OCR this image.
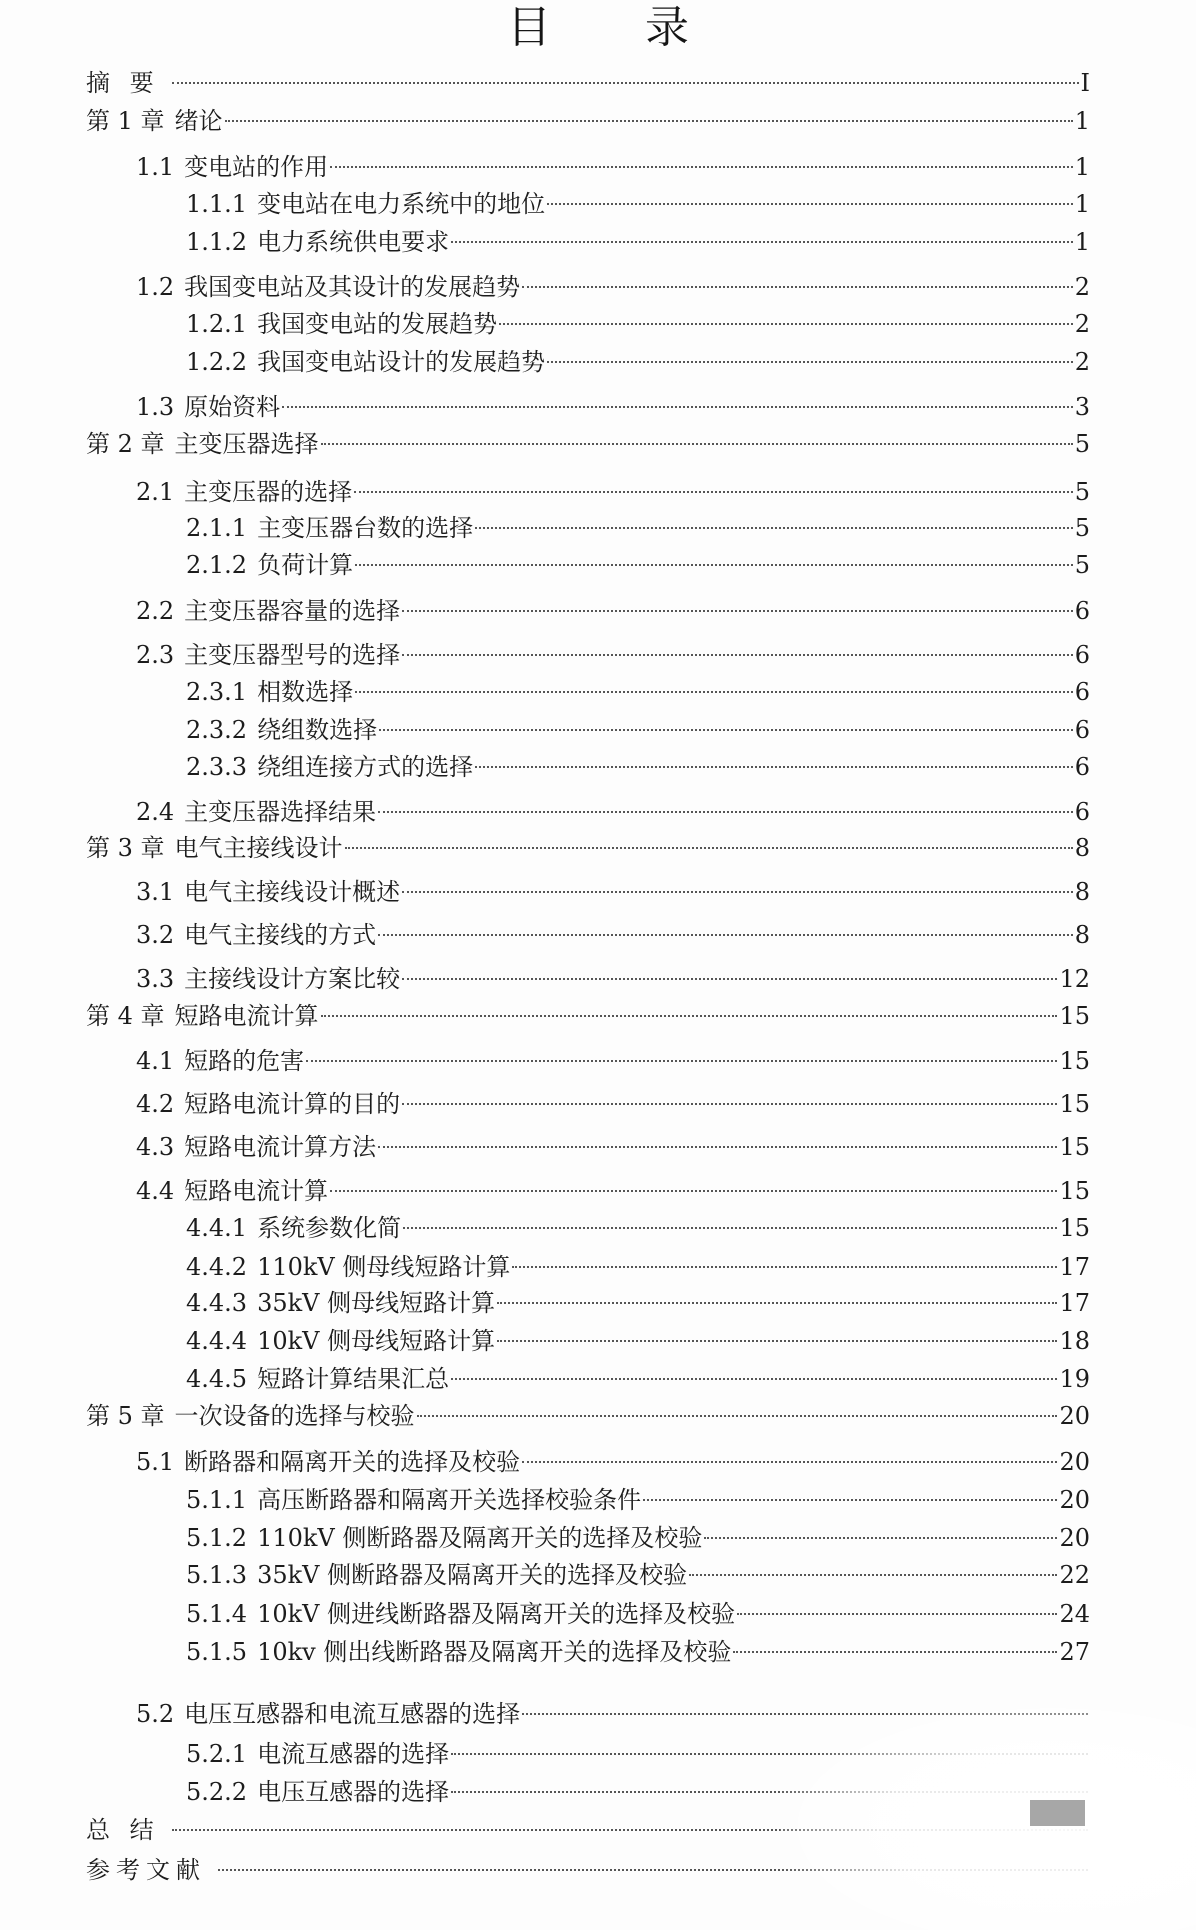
目 录
摘 要	I
第 1 章 绪论	1
1.1 变电站的作用	1
1.1.1 变电站在电力系统中的地位	1
1.1.2 电力系统供电要求	1
1.2 我国变电站及其设计的发展趋势	2
1.2.1 我国变电站的发展趋势	2
1.2.2 我国变电站设计的发展趋势	2
1.3 原始资料	3
第 2 章 主变压器选择	5
2.1 主变压器的选择	5
2.1.1 主变压器台数的选择	5
2.1.2 负荷计算	5
2.2 主变压器容量的选择	6
2.3 主变压器型号的选择	6
2.3.1 相数选择	6
2.3.2 绕组数选择	6
2.3.3 绕组连接方式的选择	6
2.4 主变压器选择结果	6
第 3 章 电气主接线设计	8
3.1 电气主接线设计概述	8
3.2 电气主接线的方式	8
3.3 主接线设计方案比较	12
第 4 章 短路电流计算	15
4.1 短路的危害	15
4.2 短路电流计算的目的	15
4.3 短路电流计算方法	15
4.4 短路电流计算	15
4.4.1 系统参数化简	15
4.4.2 110kV 侧母线短路计算	17
4.4.3 35kV 侧母线短路计算	17
4.4.4 10kV 侧母线短路计算	18
4.4.5 短路计算结果汇总	19
第 5 章 一次设备的选择与校验	20
5.1 断路器和隔离开关的选择及校验	20
5.1.1 高压断路器和隔离开关选择校验条件	20
5.1.2 110kV 侧断路器及隔离开关的选择及校验	20
5.1.3 35kV 侧断路器及隔离开关的选择及校验	22
5.1.4 10kV 侧进线断路器及隔离开关的选择及校验	24
5.1.5 10kv 侧出线断路器及隔离开关的选择及校验	27
5.2 电压互感器和电流互感器的选择
5.2.1 电流互感器的选择
5.2.2 电压互感器的选择
总 结
参考文献
